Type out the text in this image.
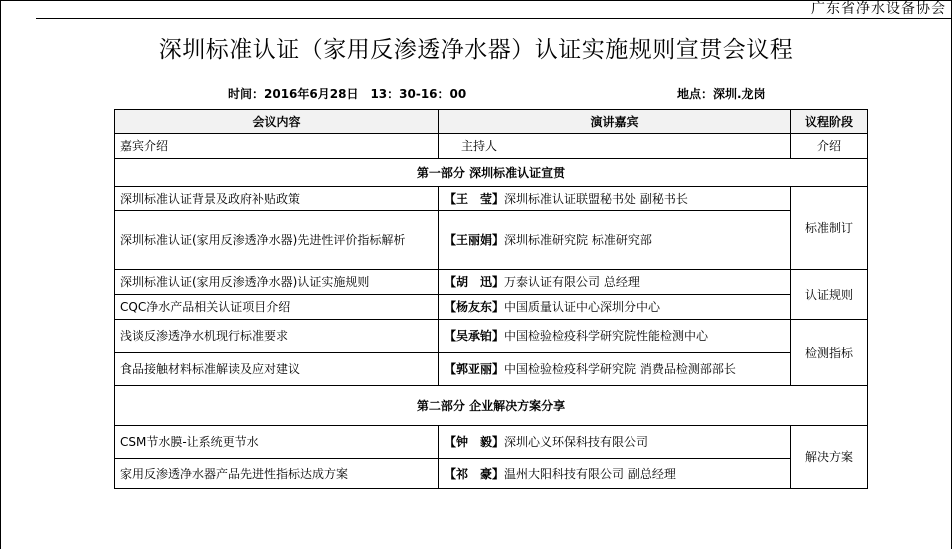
广东省净水设备协会
深圳标准认证（家用反渗透净水器）认证实施规则宣贯会议程
时间：2016年6月28日　13：30-16：00	地点：深圳.龙岗
会议内容	演讲嘉宾	议程阶段
嘉宾介绍	主持人	介绍
第一部分 深圳标准认证宣贯		
深圳标准认证背景及政府补贴政策	【王　莹】深圳标准认证联盟秘书处 副秘书长	标准制订
深圳标准认证(家用反渗透净水器)先进性评价指标解析	【王丽娟】深圳标准研究院 标准研究部	
深圳标准认证(家用反渗透净水器)认证实施规则	【胡　迅】万泰认证有限公司 总经理	认证规则
CQC净水产品相关认证项目介绍	【杨友东】中国质量认证中心深圳分中心	
浅谈反渗透净水机现行标准要求	【吴承铂】中国检验检疫科学研究院性能检测中心	检测指标
食品接触材料标准解读及应对建议	【郭亚丽】中国检验检疫科学研究院 消费品检测部部长	
第二部分 企业解决方案分享		
CSM节水膜-让系统更节水	【钟　毅】深圳心义环保科技有限公司	解决方案
家用反渗透净水器产品先进性指标达成方案	【祁　豪】温州大阳科技有限公司 副总经理	
